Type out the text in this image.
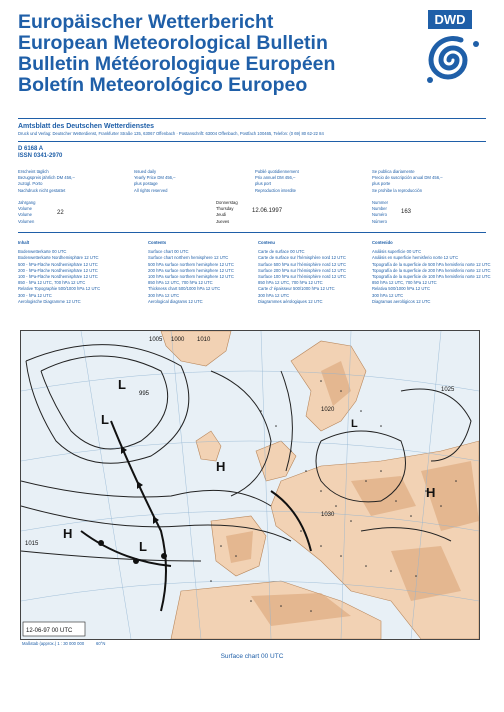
Europäischer Wetterbericht
European Meteorological Bulletin
Bulletin Météorologique Européen
Boletín Meteorológico Europeo
DWD
Amtsblatt des Deutschen Wetterdienstes
Druck und Verlag: Deutscher Wetterdienst, Frankfurter Straße 135, 63067 Offenbach · Postanschrift: 63004 Offenbach, Postfach 100465, Telefon: (0 69) 80 62-22 84
D 6168 A
ISSN 0341-2970
Erscheint täglich
Bezugspreis jährlich DM 456,–
zuzügl. Porto
Nachdruck nicht gestattet
Issued daily
Yearly Price DM 456,–
plus postage
All rights reserved
Publié quotidiennement
Prix annuel DM 456,–
plus port
Reproduction interdite
Se publica diariamente
Precio de suscripción anual DM 456,–
plus porte
Se prohibe la reproducción
Jahrgang
Volume
Volume
Volumen
22
Donnerstag
Thursday
Jeudi
Jueves
12.06.1997
Nummer
Number
Numéro
Número
163
Inhalt
Bodenwetterkarte 00 UTC
Bodenwetterkarte Nordhemisphäre 12 UTC
500 - hPa-Fläche Nordhemisphäre 12 UTC
200 - hPa-Fläche Nordhemisphäre 12 UTC
100 - hPa-Fläche Nordhemisphäre 12 UTC
850 - hPa 12 UTC, 700 hPa 12 UTC
Relative Topographie 500/1000 hPa 12 UTC
300 - hPa 12 UTC
Aerologische Diagramme 12 UTC
Contents
Surface chart 00 UTC
Surface chart northern hemisphere 12 UTC
500 hPa surface northern hemisphere 12 UTC
200 hPa surface northern hemisphere 12 UTC
100 hPa surface northern hemisphere 12 UTC
850 hPa 12 UTC, 700 hPa 12 UTC
Thickness chart 500/1000 hPa 12 UTC
300 hPa 12 UTC
Aerological diagrams 12 UTC
Contenu
Carte de surface 00 UTC
Carte de surface sur l'hémisphère nord 12 UTC
Surface 500 hPa sur l'hémisphère nord 12 UTC
Surface 200 hPa sur l'hémisphère nord 12 UTC
Surface 100 hPa sur l'hémisphère nord 12 UTC
850 hPa 12 UTC, 700 hPa 12 UTC
Carte d' épaisseur 500/1000 hPa 12 UTC
300 hPa 12 UTC
Diagrammes aérologiques 12 UTC
Contenido
Análisis superficie 00 UTC
Análisis en superficie hemisferio norte 12 UTC
Topografía de la superficie de 500 hPa hemisferio norte 12 UTC
Topografía de la superficie de 200 hPa hemisferio norte 12 UTC
Topografía de la superficie de 100 hPa hemisferio norte 12 UTC
850 hPa 12 UTC, 700 hPa 12 UTC
Relativa 500/1000 hPa 12 UTC
300 hPa 12 UTC
Diagramas aerológicos 12 UTC
995
1000
1005	1010
1015
1020
1025
1030
L
L
H
H
L
H
L
12-06-97 00 UTC
Maßstab (approx.) 1 : 30 000 000	60°N
Surface chart 00 UTC
